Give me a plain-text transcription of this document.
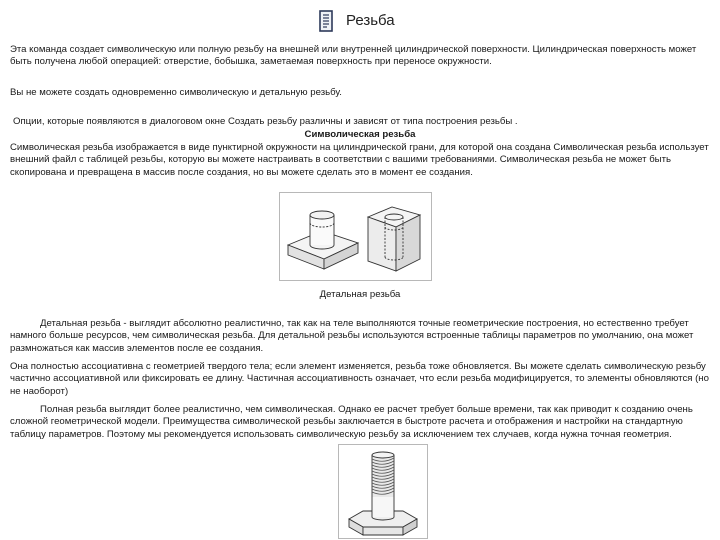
Резьба

Эта команда создает символическую или полную резьбу на внешней или внутренней цилиндрической поверхности. Цилиндрическая поверхность может быть получена любой операцией: отверстие, бобышка, заметаемая поверхность при переносе окружности.

Вы не можете создать одновременно символическую и детальную резьбу.

Опции, которые появляются в диалоговом окне Создать резьбу различны и зависят от типа построения резьбы .

Символическая резьба

Символическая резьба изображается в виде пунктирной окружности на цилиндрической грани, для которой она создана Символическая резьба использует внешний файл с таблицей резьбы, которую вы можете настраивать в соответствии с вашими требованиями. Символическая резьба не может быть скопирована и превращена в массив после создания, но вы можете сделать это в момент ее создания.

Детальная резьба

Детальная резьба - выглядит абсолютно реалистично, так как на теле выполняются точные геометрические построения, но естественно требует намного больше ресурсов, чем символическая резьба. Для детальной резьбы используются встроенные таблицы параметров по умолчанию, она может размножаться как массив элементов после ее создания.

Она полностью ассоциативна с геометрией твердого тела; если элемент изменяется, резьба тоже обновляется. Вы можете сделать символическую резьбу частично ассоциативной или фиксировать ее длину. Частичная ассоциативность означает, что если резьба модифицируется, то элементы обновляются (но не наоборот)

Полная резьба выглядит более реалистично, чем символическая. Однако ее расчет требует больше времени, так как приводит к созданию очень сложной геометрической модели. Преимущества символической резьбы заключается в быстроте расчета и отображения и настройки на стандартную таблицу параметров. Поэтому мы рекомендуется использовать символическую резьбу за исключением тех случаев, когда нужна точная геометрия.
